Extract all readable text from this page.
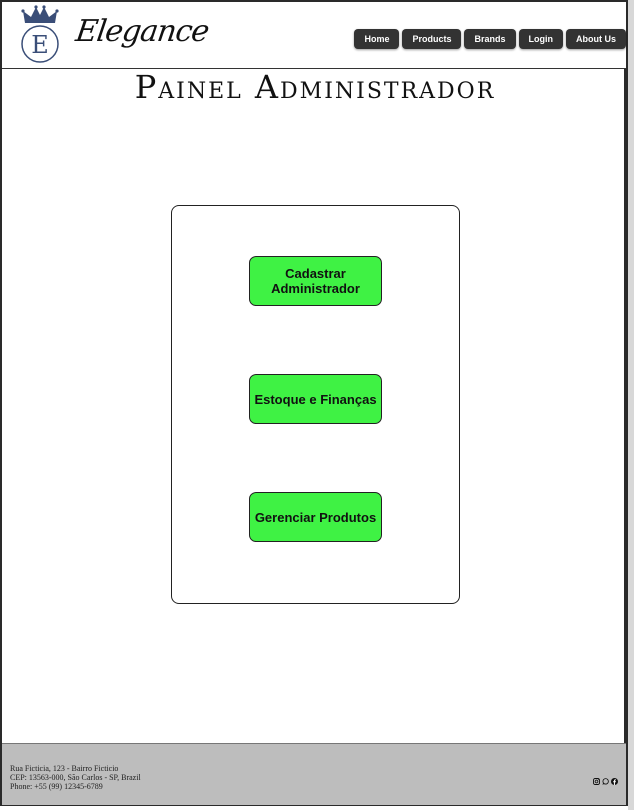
E Elegance	Home	Products	Brands	Login	About Us
Painel Administrador
Cadastrar
Administrador
Estoque e Finanças
Gerenciar Produtos
Rua Ficticia, 123 - Bairro Ficticio
CEP: 13563-000, São Carlos - SP, Brazil
Phone: +55 (99) 12345-6789
